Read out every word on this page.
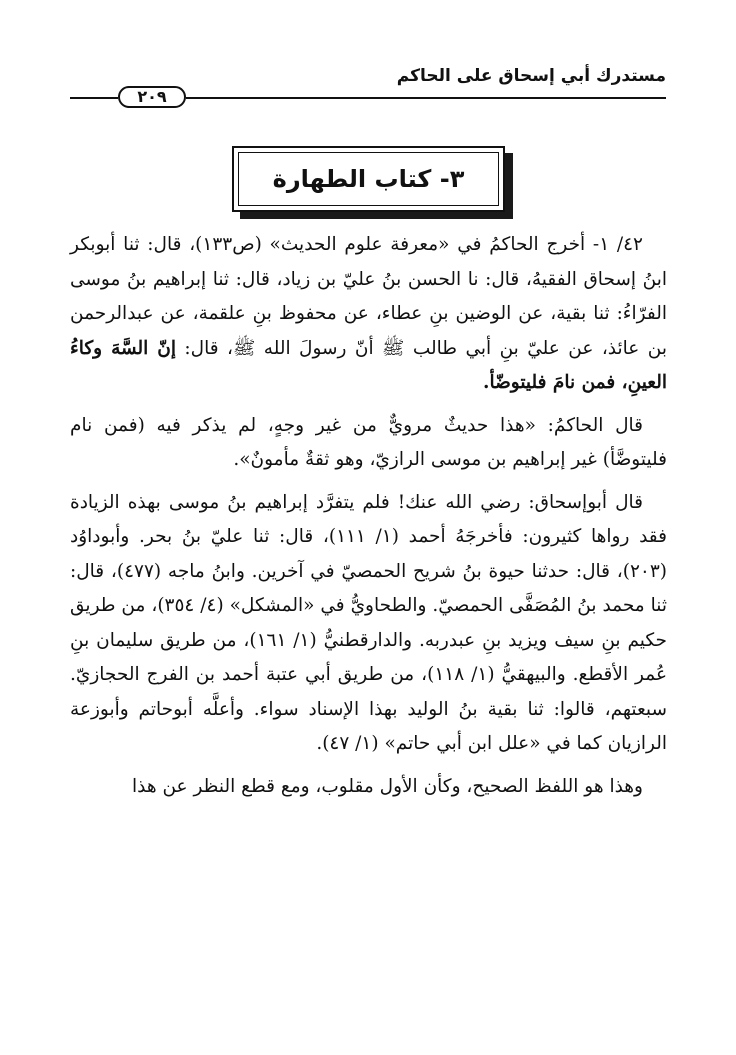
مستدرك أبي إسحاق على الحاكم
٢٠٩
٣- كتاب الطهارة

٤٢/ ١- أخرج الحاكمُ في «معرفة علوم الحديث» (ص١٣٣)، قال: ثنا أبوبكر ابنُ إسحاق الفقيهُ، قال: نا الحسن بنُ عليّ بن زياد، قال: ثنا إبراهيم بنُ موسى الفرّاءُ: ثنا بقية، عن الوضين بنِ عطاء، عن محفوظ بنِ علقمة، عن عبدالرحمن بن عائذ، عن عليّ بنِ أبي طالب ﷺ أنّ رسولَ الله ﷺ، قال: إنّ السَّهَ وكاءُ العينِ، فمن نامَ فليتوضّأ.

قال الحاكمُ: «هذا حديثٌ مرويٌّ من غير وجهٍ، لم يذكر فيه (فمن نام فليتوضَّأ) غير إبراهيم بن موسى الرازيّ، وهو ثقةٌ مأمونٌ».

قال أبوإسحاق: رضي الله عنك! فلم يتفرَّد إبراهيم بنُ موسى بهذه الزيادة فقد رواها كثيرون: فأخرجَهُ أحمد (١/ ١١١)، قال: ثنا عليّ بنُ بحر. وأبوداوُد (٢٠٣)، قال: حدثنا حيوة بنُ شريح الحمصيّ في آخرين. وابنُ ماجه (٤٧٧)، قال: ثنا محمد بنُ المُصَفَّى الحمصيّ. والطحاويُّ في «المشكل» (٤/ ٣٥٤)، من طريق حكيم بنِ سيف ويزيد بنِ عبدربه. والدارقطنيُّ (١/ ١٦١)، من طريق سليمان بنِ عُمر الأقطع. والبيهقيُّ (١/ ١١٨)، من طريق أبي عتبة أحمد بن الفرج الحجازيّ. سبعتهم، قالوا: ثنا بقية بنُ الوليد بهذا الإسناد سواء. وأعلَّه أبوحاتم وأبوزعة الرازيان كما في «علل ابن أبي حاتم» (١/ ٤٧).

وهذا هو اللفظ الصحيح، وكأن الأول مقلوب، ومع قطع النظر عن هذا
